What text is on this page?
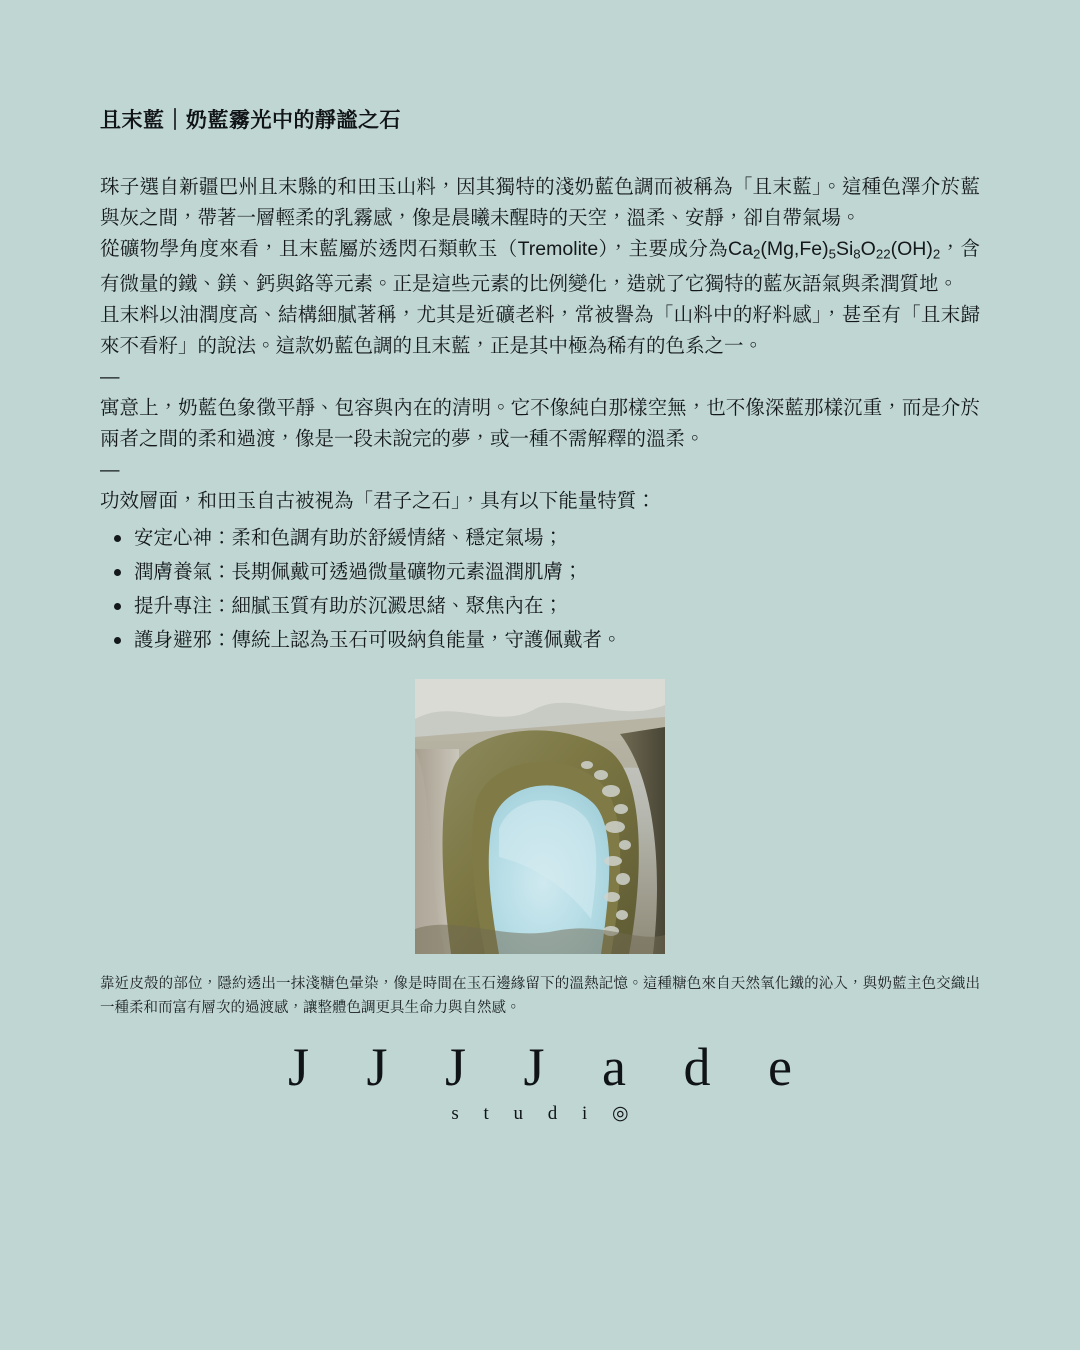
且末藍｜奶藍霧光中的靜謐之石

珠子選自新疆巴州且末縣的和田玉山料，因其獨特的淺奶藍色調而被稱為「且末藍」。這種色澤介於藍與灰之間，帶著一層輕柔的乳霧感，像是晨曦未醒時的天空，溫柔、安靜，卻自帶氣場。

從礦物學角度來看，且末藍屬於透閃石類軟玉（Tremolite），主要成分為$Ca_2(Mg,Fe)_5Si_8O_{22}(OH)_2$，含有微量的鐵、鎂、鈣與鉻等元素。正是這些元素的比例變化，造就了它獨特的藍灰語氣與柔潤質地。

且末料以油潤度高、結構細膩著稱，尤其是近礦老料，常被譽為「山料中的籽料感」，甚至有「且末歸來不看籽」的說法。這款奶藍色調的且末藍，正是其中極為稀有的色系之一。

—

寓意上，奶藍色象徵平靜、包容與內在的清明。它不像純白那樣空無，也不像深藍那樣沉重，而是介於兩者之間的柔和過渡，像是一段未說完的夢，或一種不需解釋的溫柔。

—

功效層面，和田玉自古被視為「君子之石」，具有以下能量特質：

安定心神：柔和色調有助於舒緩情緒、穩定氣場；
潤膚養氣：長期佩戴可透過微量礦物元素溫潤肌膚；
提升專注：細膩玉質有助於沉澱思緒、聚焦內在；
護身避邪：傳統上認為玉石可吸納負能量，守護佩戴者。

靠近皮殼的部位，隱約透出一抹淺糖色暈染，像是時間在玉石邊緣留下的溫熱記憶。這種糖色來自天然氧化鐵的沁入，與奶藍主色交織出一種柔和而富有層次的過渡感，讓整體色調更具生命力與自然感。

J J J J a d e
s t u d i ◎
